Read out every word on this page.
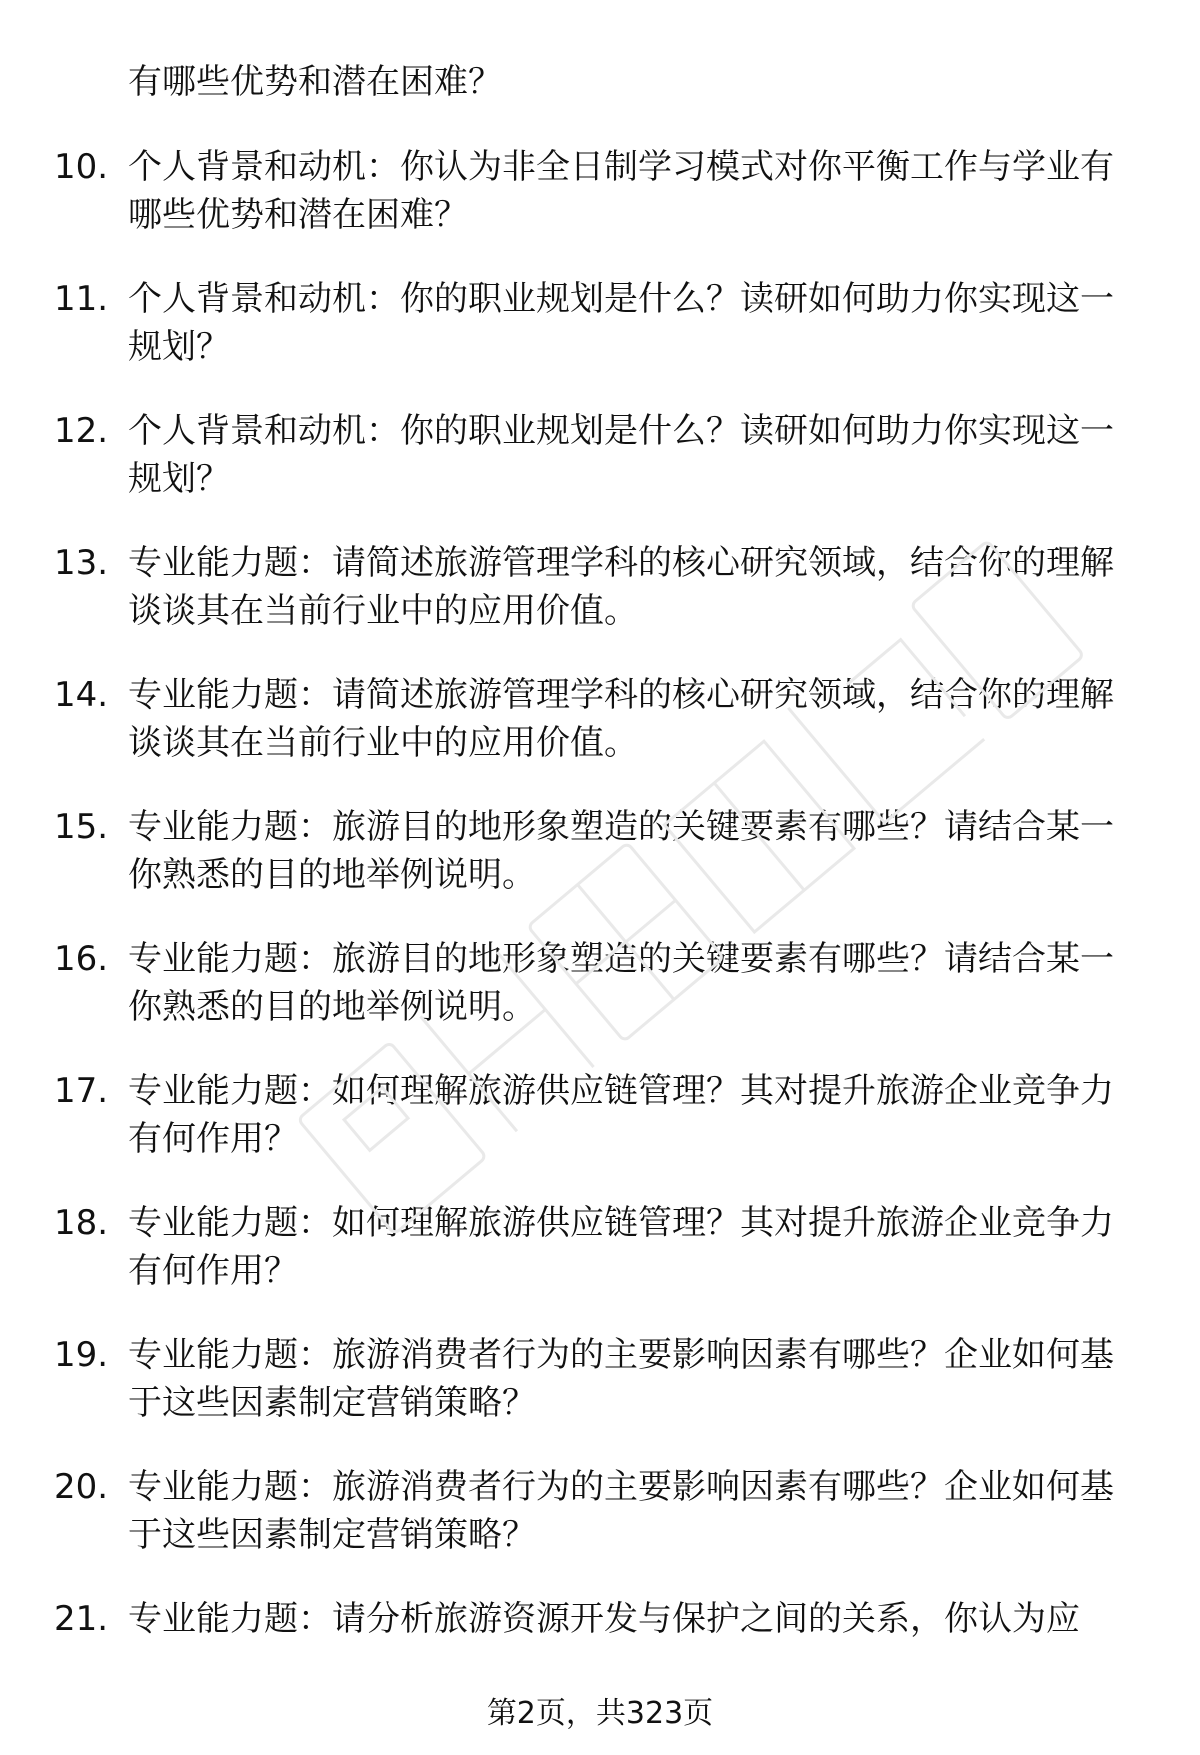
有哪些优势和潜在困难？
10. 个人背景和动机：你认为非全日制学习模式对你平衡工作与学业有哪些优势和潜在困难？
11. 个人背景和动机：你的职业规划是什么？读研如何助力你实现这一规划？
12. 个人背景和动机：你的职业规划是什么？读研如何助力你实现这一规划？
13. 专业能力题：请简述旅游管理学科的核心研究领域，结合你的理解谈谈其在当前行业中的应用价值。
14. 专业能力题：请简述旅游管理学科的核心研究领域，结合你的理解谈谈其在当前行业中的应用价值。
15. 专业能力题：旅游目的地形象塑造的关键要素有哪些？请结合某一你熟悉的目的地举例说明。
16. 专业能力题：旅游目的地形象塑造的关键要素有哪些？请结合某一你熟悉的目的地举例说明。
17. 专业能力题：如何理解旅游供应链管理？其对提升旅游企业竞争力有何作用？
18. 专业能力题：如何理解旅游供应链管理？其对提升旅游企业竞争力有何作用？
19. 专业能力题：旅游消费者行为的主要影响因素有哪些？企业如何基于这些因素制定营销策略？
20. 专业能力题：旅游消费者行为的主要影响因素有哪些？企业如何基于这些因素制定营销策略？
21. 专业能力题：请分析旅游资源开发与保护之间的关系，你认为应
第2页，共323页
